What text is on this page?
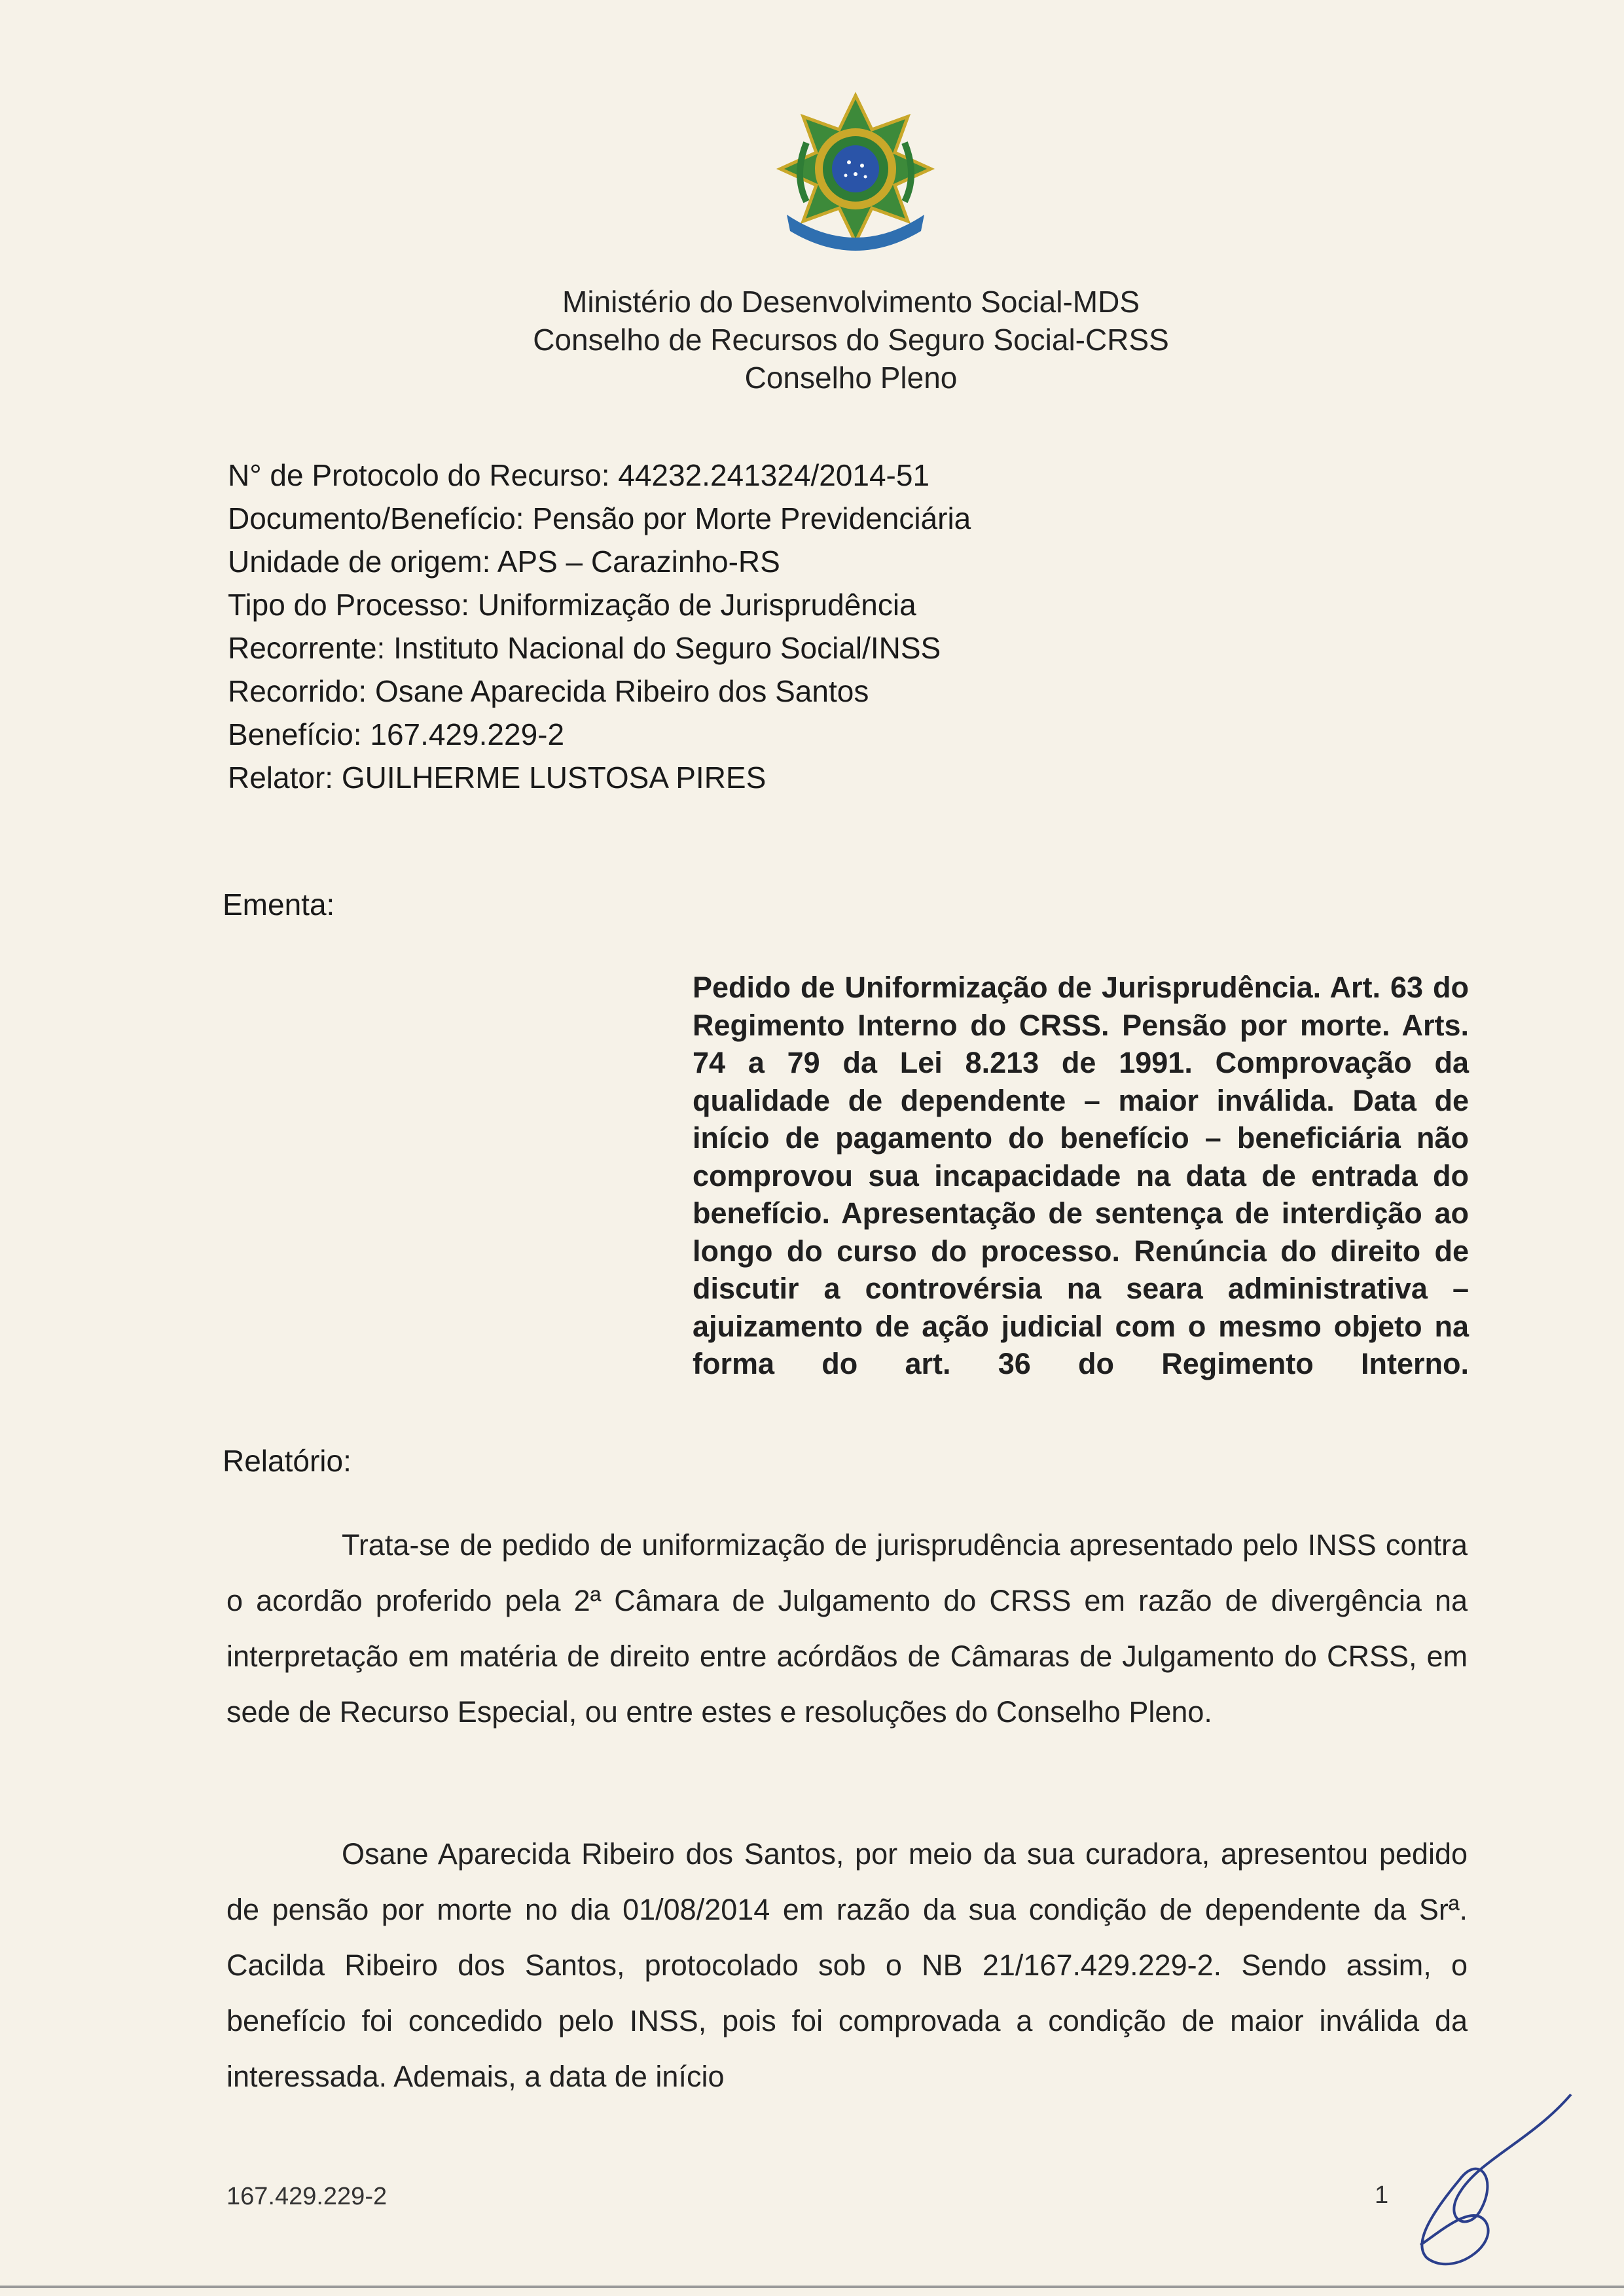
Ministério do Desenvolvimento Social-MDS
Conselho de Recursos do Seguro Social-CRSS
Conselho Pleno
N° de Protocolo do Recurso: 44232.241324/2014-51
Documento/Benefício: Pensão por Morte Previdenciária
Unidade de origem: APS – Carazinho-RS
Tipo do Processo: Uniformização de Jurisprudência
Recorrente: Instituto Nacional do Seguro Social/INSS
Recorrido: Osane Aparecida Ribeiro dos Santos
Benefício: 167.429.229-2
Relator: GUILHERME LUSTOSA PIRES
Ementa:
Pedido de Uniformização de Jurisprudência. Art. 63 do Regimento Interno do CRSS. Pensão por morte. Arts. 74 a 79 da Lei 8.213 de 1991. Comprovação da qualidade de dependente – maior inválida. Data de início de pagamento do benefício – beneficiária não comprovou sua incapacidade na data de entrada do benefício. Apresentação de sentença de interdição ao longo do curso do processo. Renúncia do direito de discutir a controvérsia na seara administrativa – ajuizamento de ação judicial com o mesmo objeto na forma do art. 36 do Regimento Interno.
Relatório:
Trata-se de pedido de uniformização de jurisprudência apresentado pelo INSS contra o acordão proferido pela 2ª Câmara de Julgamento do CRSS em razão de divergência na interpretação em matéria de direito entre acórdãos de Câmaras de Julgamento do CRSS, em sede de Recurso Especial, ou entre estes e resoluções do Conselho Pleno.
Osane Aparecida Ribeiro dos Santos, por meio da sua curadora, apresentou pedido de pensão por morte no dia 01/08/2014 em razão da sua condição de dependente da Srª. Cacilda Ribeiro dos Santos, protocolado sob o NB 21/167.429.229-2. Sendo assim, o benefício foi concedido pelo INSS, pois foi comprovada a condição de maior inválida da interessada. Ademais, a data de início
167.429.229-2	1
